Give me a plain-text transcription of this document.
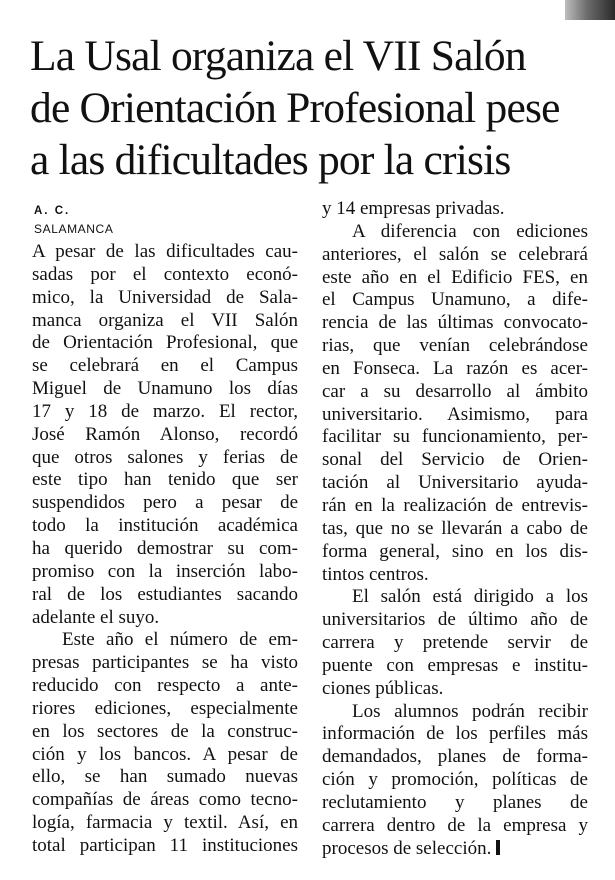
La Usal organiza el VII Salón
de Orientación Profesional pese
a las dificultades por la crisis
A. C.
SALAMANCA
A pesar de las dificultades cau-
sadas por el contexto econó-
mico, la Universidad de Sala-
manca organiza el VII Salón
de Orientación Profesional, que
se celebrará en el Campus
Miguel de Unamuno los días
17 y 18 de marzo. El rector,
José Ramón Alonso, recordó
que otros salones y ferias de
este tipo han tenido que ser
suspendidos pero a pesar de
todo la institución académica
ha querido demostrar su com-
promiso con la inserción labo-
ral de los estudiantes sacando
adelante el suyo.
Este año el número de em-
presas participantes se ha visto
reducido con respecto a ante-
riores ediciones, especialmente
en los sectores de la construc-
ción y los bancos. A pesar de
ello, se han sumado nuevas
compañías de áreas como tecno-
logía, farmacia y textil. Así, en
total participan 11 instituciones
y 14 empresas privadas.
A diferencia con ediciones
anteriores, el salón se celebrará
este año en el Edificio FES, en
el Campus Unamuno, a dife-
rencia de las últimas convocato-
rias, que venían celebrándose
en Fonseca. La razón es acer-
car a su desarrollo al ámbito
universitario. Asimismo, para
facilitar su funcionamiento, per-
sonal del Servicio de Orien-
tación al Universitario ayuda-
rán en la realización de entrevis-
tas, que no se llevarán a cabo de
forma general, sino en los dis-
tintos centros.
El salón está dirigido a los
universitarios de último año de
carrera y pretende servir de
puente con empresas e institu-
ciones públicas.
Los alumnos podrán recibir
información de los perfiles más
demandados, planes de forma-
ción y promoción, políticas de
reclutamiento y planes de
carrera dentro de la empresa y
procesos de selección.
